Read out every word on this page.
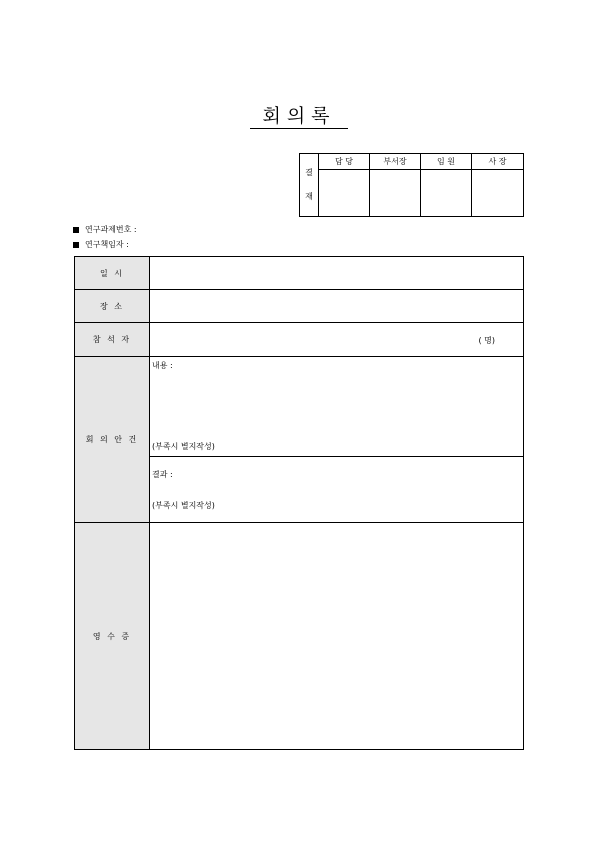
회의록
결
재	담 당	부서장	임 원	사 장

연구과제번호 :
연구책임자 :
일 시	
장 소	
참 석 자	( 명)

회 의 안 건	내용 :
(부족시 별지작성)

	결과 :
(부족시 별지작성)

영 수 증	
